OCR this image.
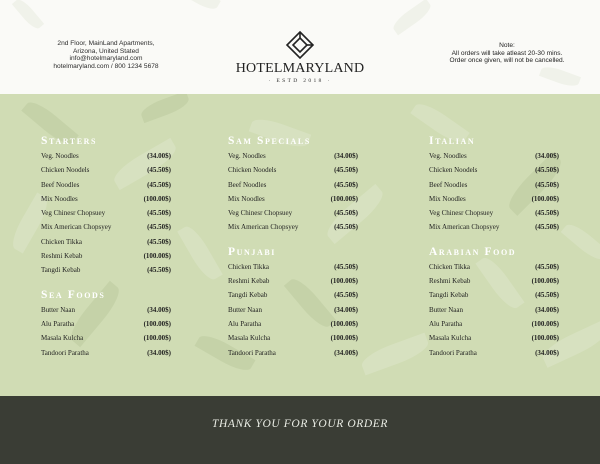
2nd Floor, MainLand Apartments,
Arizona, United Stated
info@hotelmaryland.com
hotelmaryland.com / 800 1234 5678	HOTELMARYLAND
· ESTD 2018 ·
Note:
All orders will take atleast 20-30 mins.
Order once given, will not be cancelled.
Starters
Veg. Noodles	(34.00$)
Chicken Noodels	(45.50$)
Beef Noodles	(45.50$)
Mix Noodles	(100.00$)
Veg Chinesr Chopsuey	(45.50$)
Mix American Chopsyey	(45.50$)
Chicken Tikka	(45.50$)
Reshmi Kebab	(100.00$)
Tangdi Kebab	(45.50$)
Sea Foods
Butter Naan	(34.00$)
Alu Paratha	(100.00$)
Masala Kulcha	(100.00$)
Tandoori Paratha	(34.00$)
Sam Specials
Veg. Noodles	(34.00$)
Chicken Noodels	(45.50$)
Beef Noodles	(45.50$)
Mix Noodles	(100.00$)
Veg Chinesr Chopsuey	(45.50$)
Mix American Chopsyey	(45.50$)
Punjabi
Chicken Tikka	(45.50$)
Reshmi Kebab	(100.00$)
Tangdi Kebab	(45.50$)
Butter Naan	(34.00$)
Alu Paratha	(100.00$)
Masala Kulcha	(100.00$)
Tandoori Paratha	(34.00$)
Italian
Veg. Noodles	(34.00$)
Chicken Noodels	(45.50$)
Beef Noodles	(45.50$)
Mix Noodles	(100.00$)
Veg Chinesr Chopsuey	(45.50$)
Mix American Chopsyey	(45.50$)
Arabian Food
Chicken Tikka	(45.50$)
Reshmi Kebab	(100.00$)
Tangdi Kebab	(45.50$)
Butter Naan	(34.00$)
Alu Paratha	(100.00$)
Masala Kulcha	(100.00$)
Tandoori Paratha	(34.00$)
THANK YOU FOR YOUR ORDER
